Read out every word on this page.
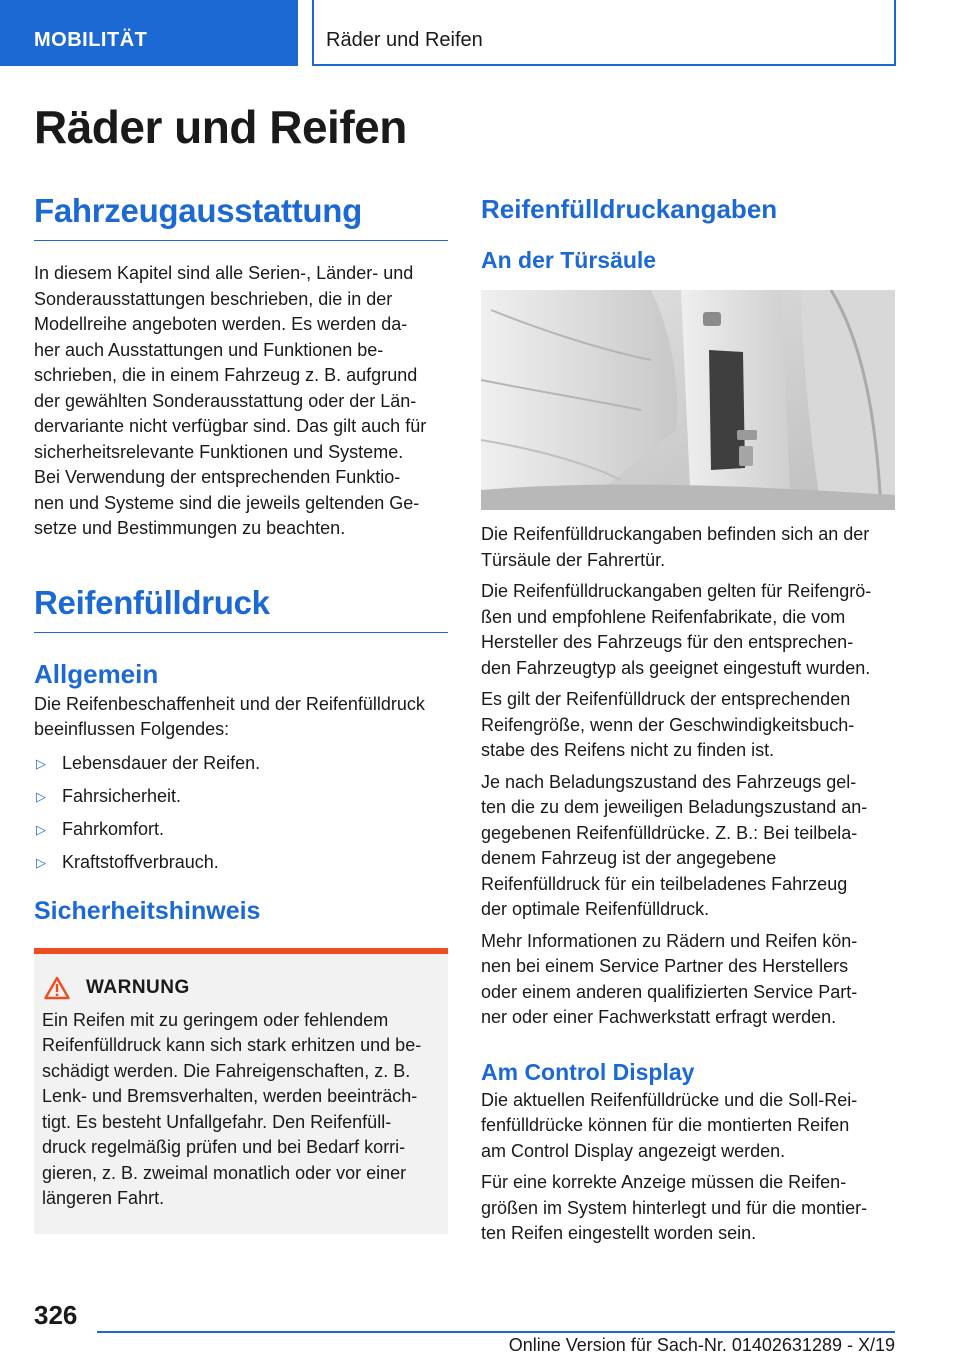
MOBILITÄT	Räder und Reifen
Räder und Reifen
Fahrzeugausstattung
In diesem Kapitel sind alle Serien-, Länder- und
Sonderausstattungen beschrieben, die in der
Modellreihe angeboten werden. Es werden da-
her auch Ausstattungen und Funktionen be-
schrieben, die in einem Fahrzeug z. B. aufgrund
der gewählten Sonderausstattung oder der Län-
dervariante nicht verfügbar sind. Das gilt auch für
sicherheitsrelevante Funktionen und Systeme.
Bei Verwendung der entsprechenden Funktio-
nen und Systeme sind die jeweils geltenden Ge-
setze und Bestimmungen zu beachten.
Reifenfülldruck
Allgemein
Die Reifenbeschaffenheit und der Reifenfülldruck
beeinflussen Folgendes:
▷ Lebensdauer der Reifen.
▷ Fahrsicherheit.
▷ Fahrkomfort.
▷ Kraftstoffverbrauch.
Sicherheitshinweis
WARNUNG
Ein Reifen mit zu geringem oder fehlendem
Reifenfülldruck kann sich stark erhitzen und be-
schädigt werden. Die Fahreigenschaften, z. B.
Lenk- und Bremsverhalten, werden beeinträch-
tigt. Es besteht Unfallgefahr. Den Reifenfüll-
druck regelmäßig prüfen und bei Bedarf korri-
gieren, z. B. zweimal monatlich oder vor einer
längeren Fahrt.
Reifenfülldruckangaben
An der Türsäule
Die Reifenfülldruckangaben befinden sich an der
Türsäule der Fahrertür.
Die Reifenfülldruckangaben gelten für Reifengrö-
ßen und empfohlene Reifenfabrikate, die vom
Hersteller des Fahrzeugs für den entsprechen-
den Fahrzeugtyp als geeignet eingestuft wurden.
Es gilt der Reifenfülldruck der entsprechenden
Reifengröße, wenn der Geschwindigkeitsbuch-
stabe des Reifens nicht zu finden ist.
Je nach Beladungszustand des Fahrzeugs gel-
ten die zu dem jeweiligen Beladungszustand an-
gegebenen Reifenfülldrücke. Z. B.: Bei teilbela-
denem Fahrzeug ist der angegebene
Reifenfülldruck für ein teilbeladenes Fahrzeug
der optimale Reifenfülldruck.
Mehr Informationen zu Rädern und Reifen kön-
nen bei einem Service Partner des Herstellers
oder einem anderen qualifizierten Service Part-
ner oder einer Fachwerkstatt erfragt werden.
Am Control Display
Die aktuellen Reifenfülldrücke und die Soll-Rei-
fenfülldrücke können für die montierten Reifen
am Control Display angezeigt werden.
Für eine korrekte Anzeige müssen die Reifen-
größen im System hinterlegt und für die montier-
ten Reifen eingestellt worden sein.
326
Online Version für Sach-Nr. 01402631289 - X/19
